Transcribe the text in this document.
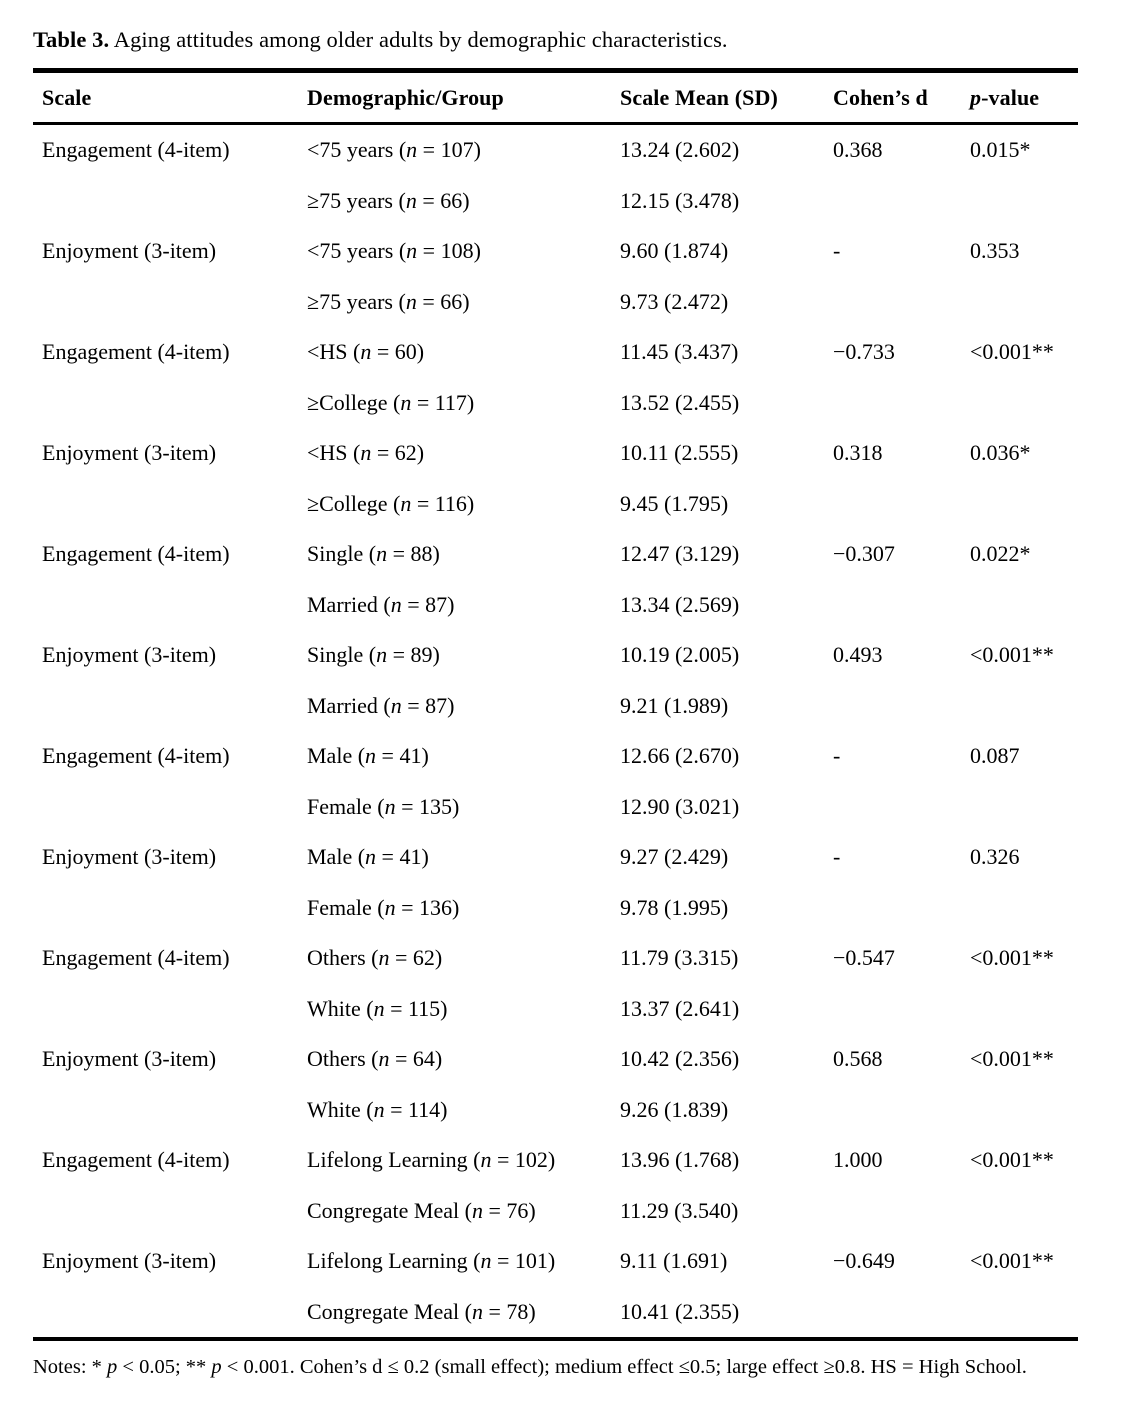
Table 3. Aging attitudes among older adults by demographic characteristics.

Scale	Demographic/Group	Scale Mean (SD)	Cohen’s d	p-value
Engagement (4-item)	<75 years (n = 107)	13.24 (2.602)	0.368	0.015*
	≥75 years (n = 66)	12.15 (3.478)		
Enjoyment (3-item)	<75 years (n = 108)	9.60 (1.874)	-	0.353
	≥75 years (n = 66)	9.73 (2.472)		
Engagement (4-item)	<HS (n = 60)	11.45 (3.437)	−0.733	<0.001**
	≥College (n = 117)	13.52 (2.455)		
Enjoyment (3-item)	<HS (n = 62)	10.11 (2.555)	0.318	0.036*
	≥College (n = 116)	9.45 (1.795)		
Engagement (4-item)	Single (n = 88)	12.47 (3.129)	−0.307	0.022*
	Married (n = 87)	13.34 (2.569)		
Enjoyment (3-item)	Single (n = 89)	10.19 (2.005)	0.493	<0.001**
	Married (n = 87)	9.21 (1.989)		
Engagement (4-item)	Male (n = 41)	12.66 (2.670)	-	0.087
	Female (n = 135)	12.90 (3.021)		
Enjoyment (3-item)	Male (n = 41)	9.27 (2.429)	-	0.326
	Female (n = 136)	9.78 (1.995)		
Engagement (4-item)	Others (n = 62)	11.79 (3.315)	−0.547	<0.001**
	White (n = 115)	13.37 (2.641)		
Enjoyment (3-item)	Others (n = 64)	10.42 (2.356)	0.568	<0.001**
	White (n = 114)	9.26 (1.839)		
Engagement (4-item)	Lifelong Learning (n = 102)	13.96 (1.768)	1.000	<0.001**
	Congregate Meal (n = 76)	11.29 (3.540)		
Enjoyment (3-item)	Lifelong Learning (n = 101)	9.11 (1.691)	−0.649	<0.001**
	Congregate Meal (n = 78)	10.41 (2.355)		

Notes: * p < 0.05; ** p < 0.001. Cohen’s d ≤ 0.2 (small effect); medium effect ≤0.5; large effect ≥0.8. HS = High School.
